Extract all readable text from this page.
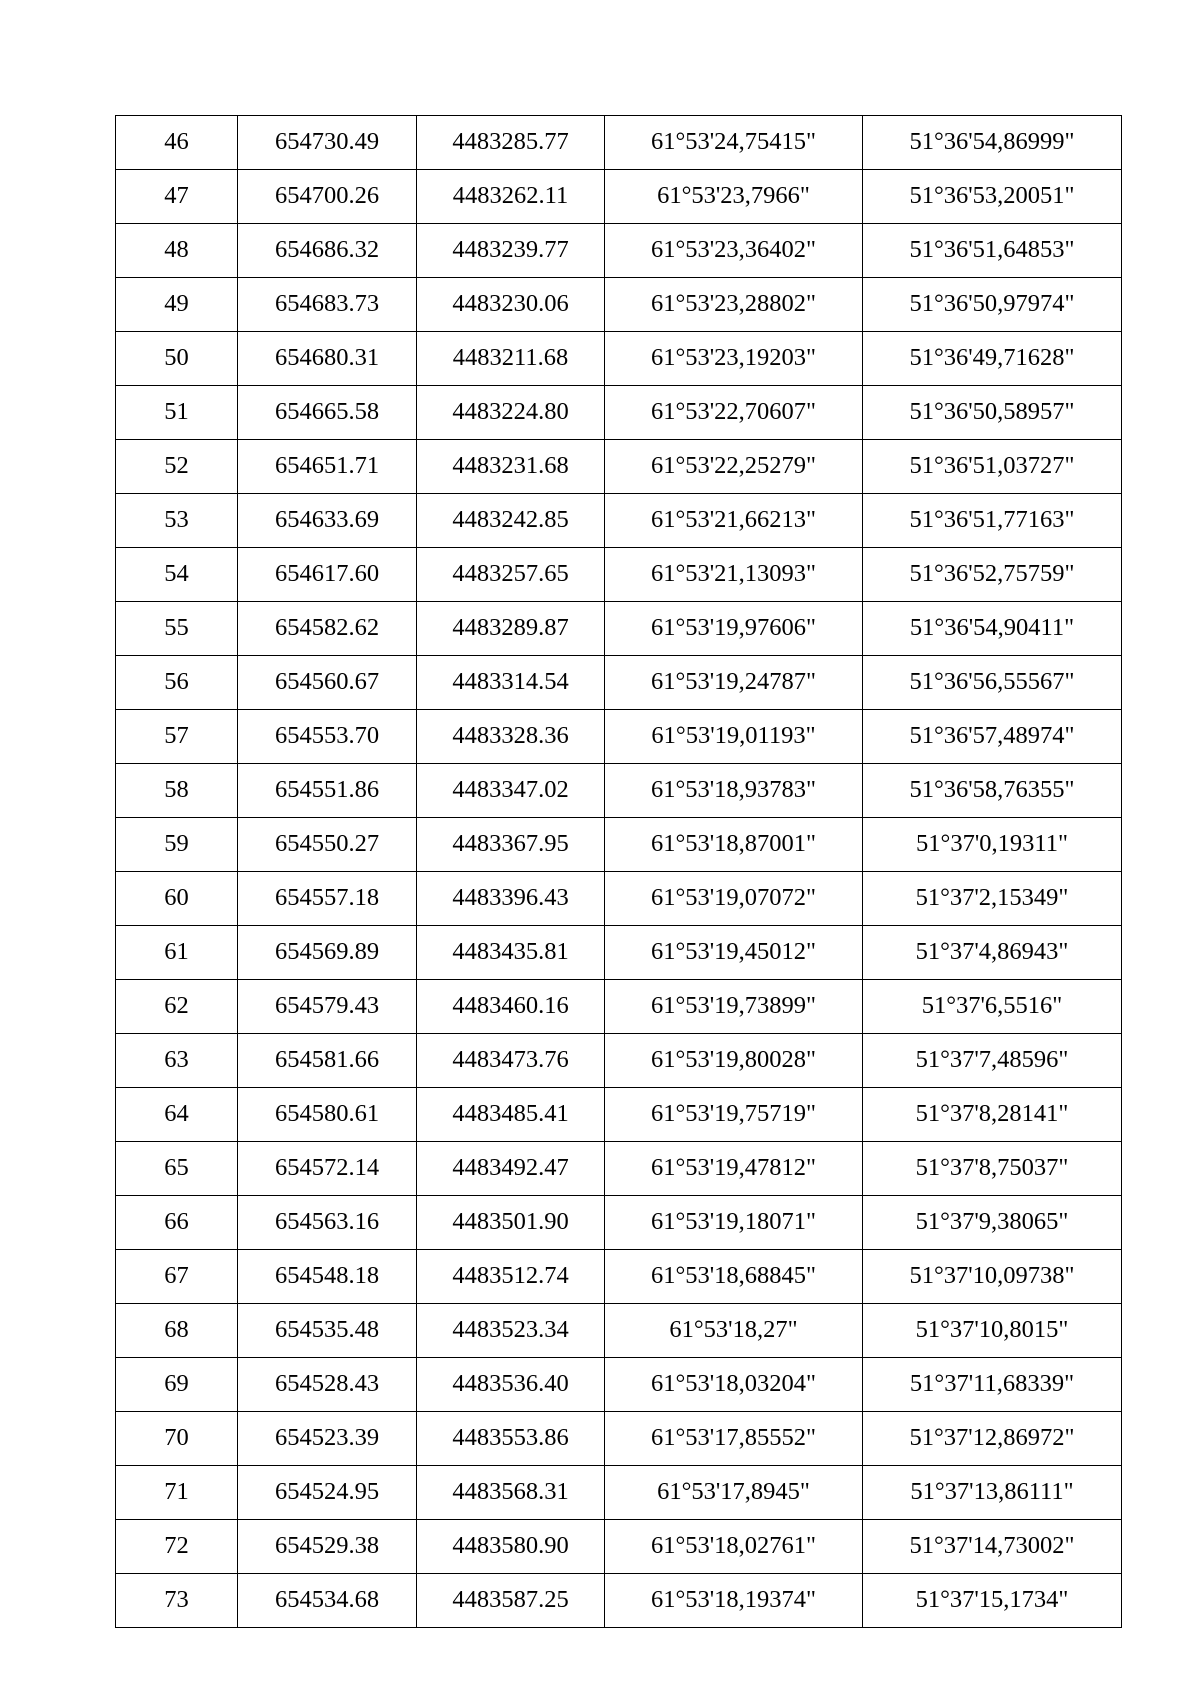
46	654730.49	4483285.77	61°53'24,75415"	51°36'54,86999"
47	654700.26	4483262.11	61°53'23,7966"	51°36'53,20051"
48	654686.32	4483239.77	61°53'23,36402"	51°36'51,64853"
49	654683.73	4483230.06	61°53'23,28802"	51°36'50,97974"
50	654680.31	4483211.68	61°53'23,19203"	51°36'49,71628"
51	654665.58	4483224.80	61°53'22,70607"	51°36'50,58957"
52	654651.71	4483231.68	61°53'22,25279"	51°36'51,03727"
53	654633.69	4483242.85	61°53'21,66213"	51°36'51,77163"
54	654617.60	4483257.65	61°53'21,13093"	51°36'52,75759"
55	654582.62	4483289.87	61°53'19,97606"	51°36'54,90411"
56	654560.67	4483314.54	61°53'19,24787"	51°36'56,55567"
57	654553.70	4483328.36	61°53'19,01193"	51°36'57,48974"
58	654551.86	4483347.02	61°53'18,93783"	51°36'58,76355"
59	654550.27	4483367.95	61°53'18,87001"	51°37'0,19311"
60	654557.18	4483396.43	61°53'19,07072"	51°37'2,15349"
61	654569.89	4483435.81	61°53'19,45012"	51°37'4,86943"
62	654579.43	4483460.16	61°53'19,73899"	51°37'6,5516"
63	654581.66	4483473.76	61°53'19,80028"	51°37'7,48596"
64	654580.61	4483485.41	61°53'19,75719"	51°37'8,28141"
65	654572.14	4483492.47	61°53'19,47812"	51°37'8,75037"
66	654563.16	4483501.90	61°53'19,18071"	51°37'9,38065"
67	654548.18	4483512.74	61°53'18,68845"	51°37'10,09738"
68	654535.48	4483523.34	61°53'18,27"	51°37'10,8015"
69	654528.43	4483536.40	61°53'18,03204"	51°37'11,68339"
70	654523.39	4483553.86	61°53'17,85552"	51°37'12,86972"
71	654524.95	4483568.31	61°53'17,8945"	51°37'13,86111"
72	654529.38	4483580.90	61°53'18,02761"	51°37'14,73002"
73	654534.68	4483587.25	61°53'18,19374"	51°37'15,1734"
